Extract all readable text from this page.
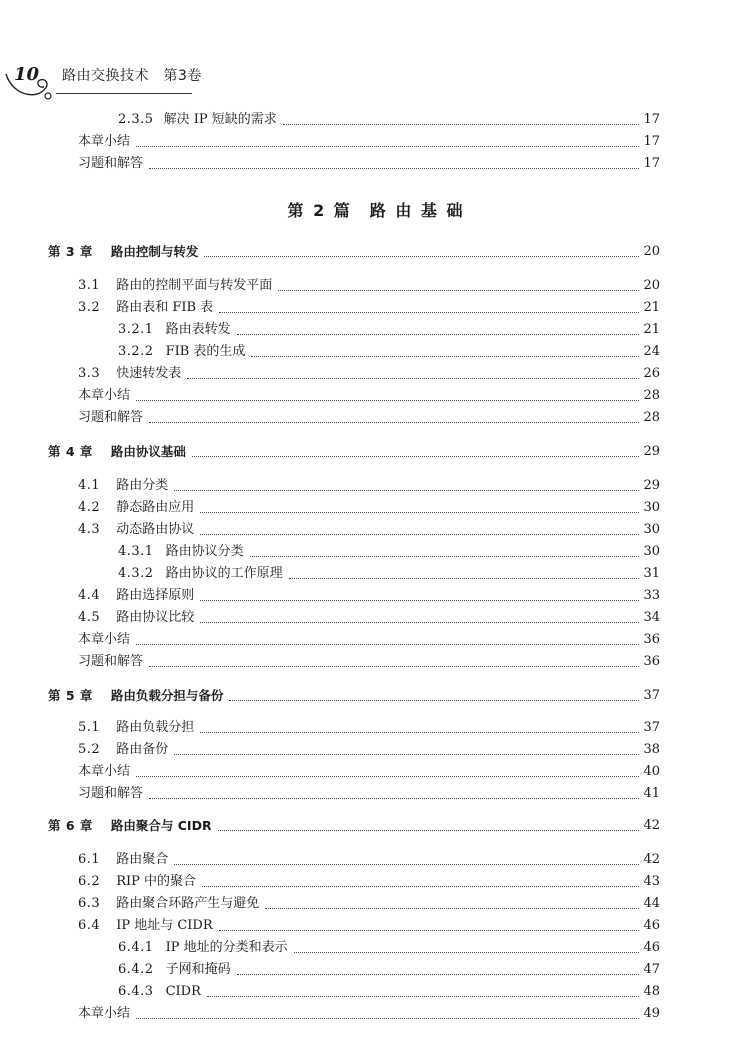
10 路由交换技术　第3卷
第 2 篇　路 由 基 础
2.3.5 解决 IP 短缺的需求	17
本章小结	17
习题和解答	17
第 3 章 路由控制与转发	20
3.1 路由的控制平面与转发平面	20
3.2 路由表和 FIB 表	21
3.2.1 路由表转发	21
3.2.2 FIB 表的生成	24
3.3 快速转发表	26
本章小结	28
习题和解答	28
第 4 章 路由协议基础	29
4.1 路由分类	29
4.2 静态路由应用	30
4.3 动态路由协议	30
4.3.1 路由协议分类	30
4.3.2 路由协议的工作原理	31
4.4 路由选择原则	33
4.5 路由协议比较	34
本章小结	36
习题和解答	36
第 5 章 路由负载分担与备份	37
5.1 路由负载分担	37
5.2 路由备份	38
本章小结	40
习题和解答	41
第 6 章 路由聚合与 CIDR	42
6.1 路由聚合	42
6.2 RIP 中的聚合	43
6.3 路由聚合环路产生与避免	44
6.4 IP 地址与 CIDR	46
6.4.1 IP 地址的分类和表示	46
6.4.2 子网和掩码	47
6.4.3 CIDR	48
本章小结	49
